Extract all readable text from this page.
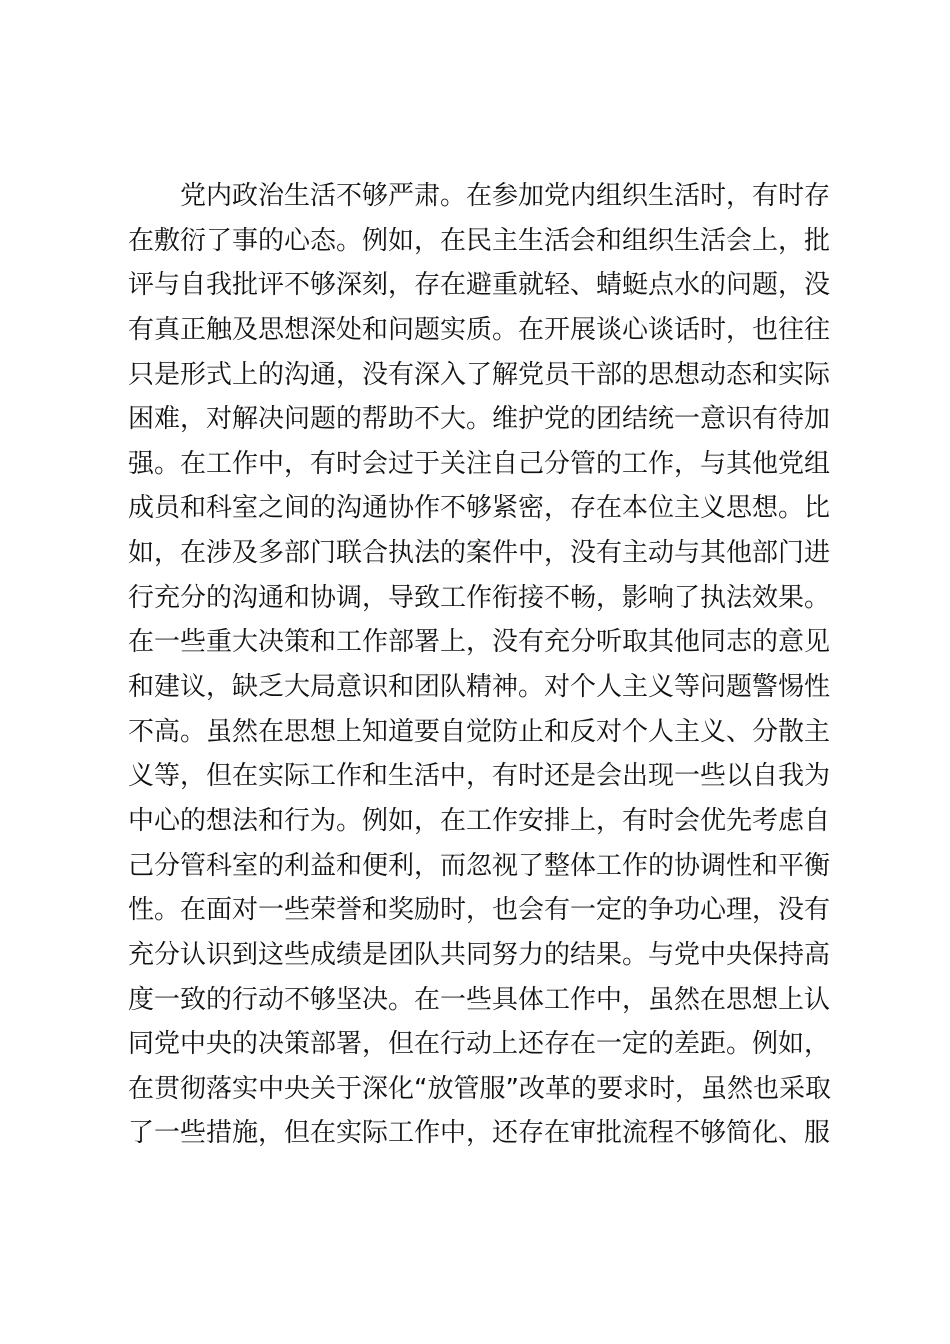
党内政治生活不够严肃。在参加党内组织生活时，有时存
在敷衍了事的心态。例如，在民主生活会和组织生活会上，批
评与自我批评不够深刻，存在避重就轻、蜻蜓点水的问题，没
有真正触及思想深处和问题实质。在开展谈心谈话时，也往往
只是形式上的沟通，没有深入了解党员干部的思想动态和实际
困难，对解决问题的帮助不大。维护党的团结统一意识有待加
强。在工作中，有时会过于关注自己分管的工作，与其他党组
成员和科室之间的沟通协作不够紧密，存在本位主义思想。比
如，在涉及多部门联合执法的案件中，没有主动与其他部门进
行充分的沟通和协调，导致工作衔接不畅，影响了执法效果。
在一些重大决策和工作部署上，没有充分听取其他同志的意见
和建议，缺乏大局意识和团队精神。对个人主义等问题警惕性
不高。虽然在思想上知道要自觉防止和反对个人主义、分散主
义等，但在实际工作和生活中，有时还是会出现一些以自我为
中心的想法和行为。例如，在工作安排上，有时会优先考虑自
己分管科室的利益和便利，而忽视了整体工作的协调性和平衡
性。在面对一些荣誉和奖励时，也会有一定的争功心理，没有
充分认识到这些成绩是团队共同努力的结果。与党中央保持高
度一致的行动不够坚决。在一些具体工作中，虽然在思想上认
同党中央的决策部署，但在行动上还存在一定的差距。例如，
在贯彻落实中央关于深化“放管服”改革的要求时，虽然也采取
了一些措施，但在实际工作中，还存在审批流程不够简化、服
